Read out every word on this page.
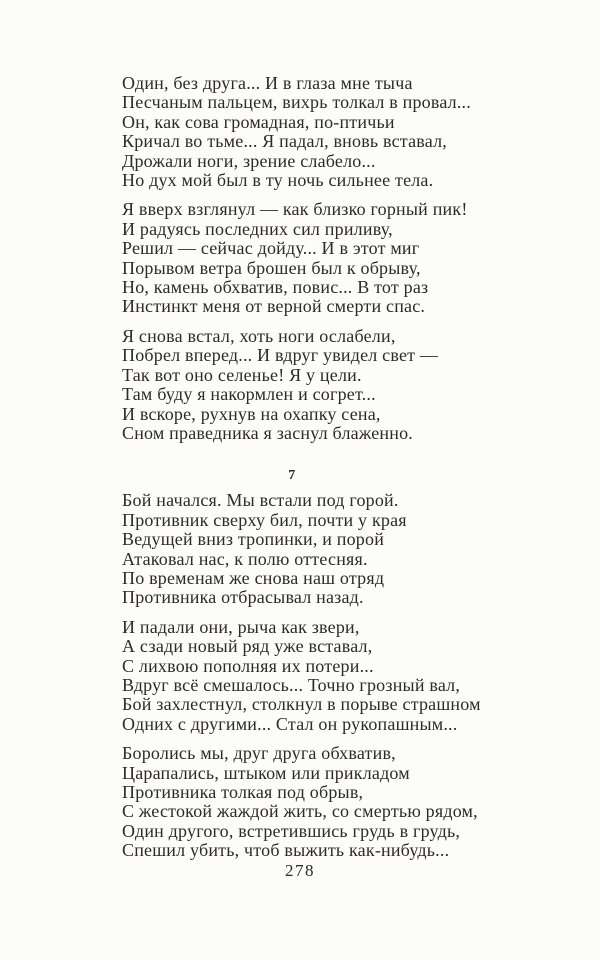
Один, без друга... И в глаза мне тыча
Песчаным пальцем, вихрь толкал в провал...
Он, как сова громадная, по-птичьи
Кричал во тьме... Я падал, вновь вставал,
Дрожали ноги, зрение слабело...
Но дух мой был в ту ночь сильнее тела.
Я вверх взглянул — как близко горный пик!
И радуясь последних сил приливу,
Решил — сейчас дойду... И в этот миг
Порывом ветра брошен был к обрыву,
Но, камень обхватив, повис... В тот раз
Инстинкт меня от верной смерти спас.
Я снова встал, хоть ноги ослабели,
Побрел вперед... И вдруг увидел свет —
Так вот оно селенье! Я у цели.
Там буду я накормлен и согрет...
И вскоре, рухнув на охапку сена,
Сном праведника я заснул блаженно.
7
Бой начался. Мы встали под горой.
Противник сверху бил, почти у края
Ведущей вниз тропинки, и порой
Атаковал нас, к полю оттесняя.
По временам же снова наш отряд
Противника отбрасывал назад.
И падали они, рыча как звери,
А сзади новый ряд уже вставал,
С лихвою пополняя их потери...
Вдруг всё смешалось... Точно грозный вал,
Бой захлестнул, столкнул в порыве страшном
Одних с другими... Стал он рукопашным...
Боролись мы, друг друга обхватив,
Царапались, штыком или прикладом
Противника толкая под обрыв,
С жестокой жаждой жить, со смертью рядом,
Один другого, встретившись грудь в грудь,
Спешил убить, чтоб выжить как-нибудь...
278
